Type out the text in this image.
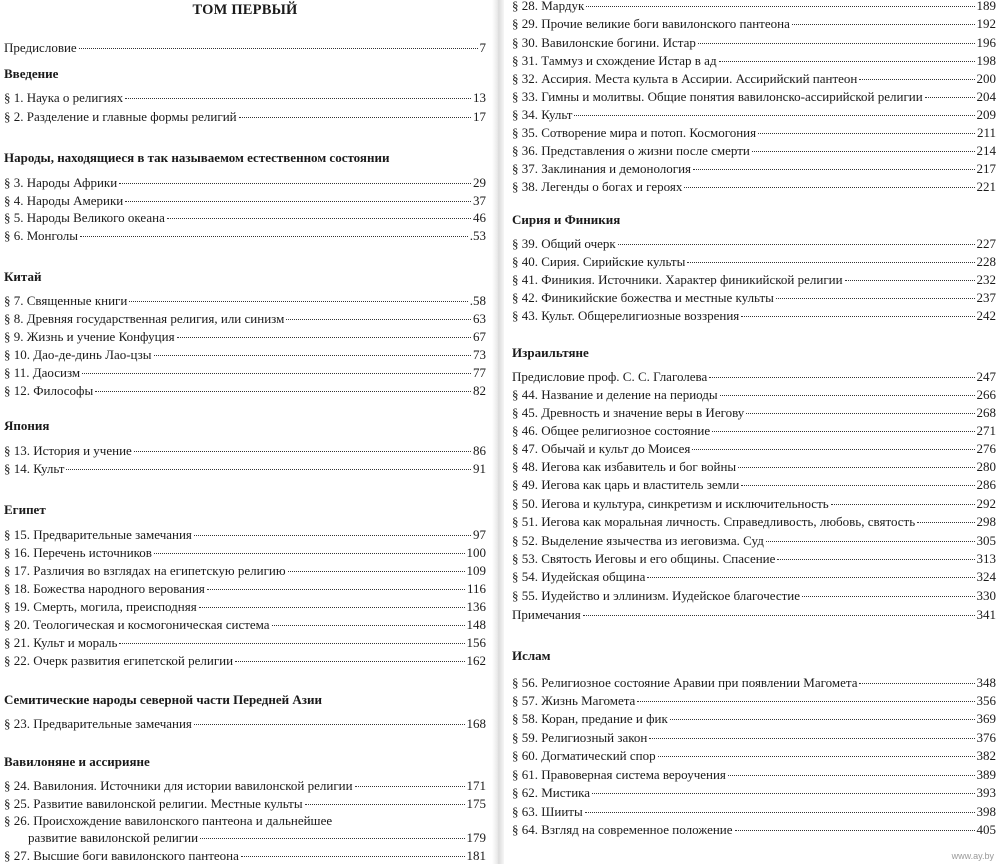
ТОМ ПЕРВЫЙ
Предисловие	7
Введение
§ 1. Наука о религиях	13
§ 2. Разделение и главные формы религий	17
Народы, находящиеся в так называемом естественном состоянии
§ 3. Народы Африки	29
§ 4. Народы Америки	37
§ 5. Народы Великого океана	46
§ 6. Монголы	.53
Китай
§ 7. Священные книги	.58
§ 8. Древняя государственная религия, или синизм	63
§ 9. Жизнь и учение Конфуция	67
§ 10. Дао-де-динь Лао-цзы	73
§ 11. Даосизм	77
§ 12. Философы	82
Япония
§ 13. История и учение	86
§ 14. Культ	91
Египет
§ 15. Предварительные замечания	97
§ 16. Перечень источников	100
§ 17. Различия во взглядах на египетскую религию	109
§ 18. Божества народного верования	116
§ 19. Смерть, могила, преисподняя	136
§ 20. Теологическая и космогоническая система	148
§ 21. Культ и мораль	156
§ 22. Очерк развития египетской религии	162
Семитические народы северной части Передней Азии
§ 23. Предварительные замечания	168
Вавилоняне и ассирияне
§ 24. Вавилония. Источники для истории вавилонской религии	171
§ 25. Развитие вавилонской религии. Местные культы	175
§ 26. Происхождение вавилонского пантеона и дальнейшее
развитие вавилонской религии	179
§ 27. Высшие боги вавилонского пантеона	181
§ 28. Мардук	189
§ 29. Прочие великие боги вавилонского пантеона	192
§ 30. Вавилонские богини. Истар	196
§ 31. Таммуз и схождение Истар в ад	198
§ 32. Ассирия. Места культа в Ассирии. Ассирийский пантеон	200
§ 33. Гимны и молитвы. Общие понятия вавилонско-ассирийской религии	204
§ 34. Культ	209
§ 35. Сотворение мира и потоп. Космогония	211
§ 36. Представления о жизни после смерти	214
§ 37. Заклинания и демонология	217
§ 38. Легенды о богах и героях	221
Сирия и Финикия
§ 39. Общий очерк	227
§ 40. Сирия. Сирийские культы	228
§ 41. Финикия. Источники. Характер финикийской религии	232
§ 42. Финикийские божества и местные культы	237
§ 43. Культ. Общерелигиозные воззрения	242
Израильтяне
Предисловие проф. С. С. Глаголева	247
§ 44. Название и деление на периоды	266
§ 45. Древность и значение веры в Иегову	268
§ 46. Общее религиозное состояние	271
§ 47. Обычай и культ до Моисея	276
§ 48. Иегова как избавитель и бог войны	280
§ 49. Иегова как царь и властитель земли	286
§ 50. Иегова и культура, синкретизм и исключительность	292
§ 51. Иегова как моральная личность. Справедливость, любовь, святость	298
§ 52. Выделение язычества из иеговизма. Суд	305
§ 53. Святость Иеговы и его общины. Спасение	313
§ 54. Иудейская община	324
§ 55. Иудейство и эллинизм. Иудейское благочестие	330
Примечания	341
Ислам
§ 56. Религиозное состояние Аравии при появлении Магомета	348
§ 57. Жизнь Магомета	356
§ 58. Коран, предание и фик	369
§ 59. Религиозный закон	376
§ 60. Догматический спор	382
§ 61. Правоверная система вероучения	389
§ 62. Мистика	393
§ 63. Шииты	398
§ 64. Взгляд на современное положение	405
www.ay.by
